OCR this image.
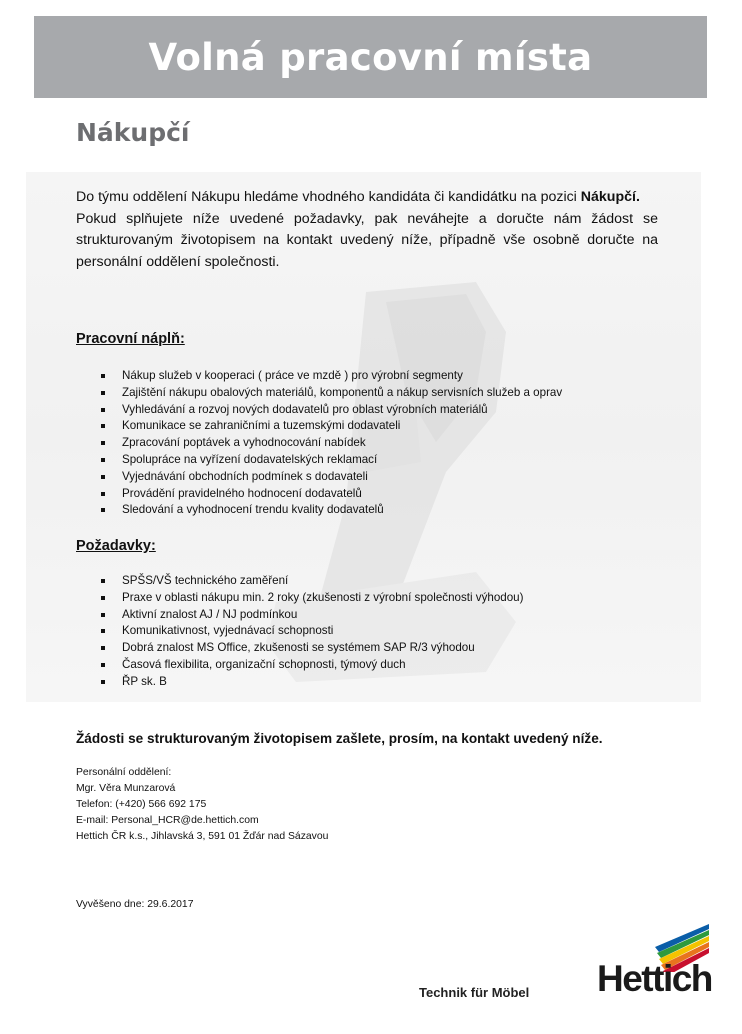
Volná pracovní místa
Nákupčí

Do týmu oddělení Nákupu hledáme vhodného kandidáta či kandidátku na pozici Nákupčí.

Pokud splňujete níže uvedené požadavky, pak neváhejte a doručte nám žádost se strukturovaným životopisem na kontakt uvedený níže, případně vše osobně doručte na personální oddělení společnosti.

Pracovní náplň:
Nákup služeb v kooperaci ( práce ve mzdě ) pro výrobní segmenty
Zajištění nákupu obalových materiálů, komponentů a nákup servisních služeb a oprav
Vyhledávání a rozvoj nových dodavatelů pro oblast výrobních materiálů
Komunikace se zahraničními a tuzemskými dodavateli
Zpracování poptávek a vyhodnocování nabídek
Spolupráce na vyřízení dodavatelských reklamací
Vyjednávání obchodních podmínek s dodavateli
Provádění pravidelného hodnocení dodavatelů
Sledování a vyhodnocení trendu kvality dodavatelů
Požadavky:
SPŠS/VŠ technického zaměření
Praxe v oblasti nákupu min. 2 roky (zkušenosti z výrobní společnosti výhodou)
Aktivní znalost AJ / NJ podmínkou
Komunikativnost, vyjednávací schopnosti
Dobrá znalost MS Office, zkušenosti se systémem SAP R/3 výhodou
Časová flexibilita, organizační schopnosti, týmový duch
ŘP sk. B

Žádosti se strukturovaným životopisem zašlete, prosím, na kontakt uvedený níže.

Personální oddělení:
Mgr. Věra Munzarová
Telefon: (+420) 566 692 175
E-mail: Personal_HCR@de.hettich.com
Hettich ČR k.s., Jihlavská 3, 591 01 Žďár nad Sázavou
Vyvěšeno dne: 29.6.2017
Technik für Möbel Hettich
